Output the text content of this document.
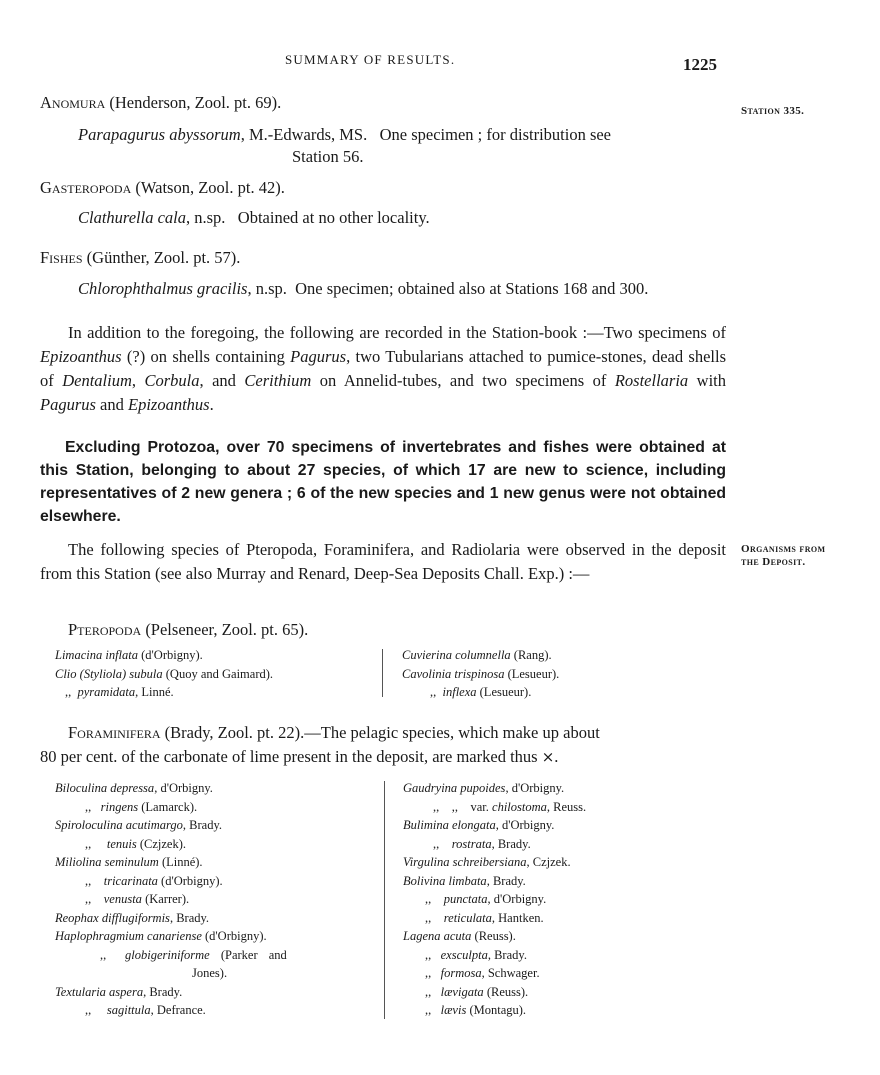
SUMMARY OF RESULTS.	1225
Station 335.
Organisms from
the Deposit.
Anomura (Henderson, Zool. pt. 69).
Parapagurus abyssorum, M.-Edwards, MS.   One specimen ; for distribution see
Station 56.
Gasteropoda (Watson, Zool. pt. 42).
Clathurella cala, n.sp.   Obtained at no other locality.
Fishes (Günther, Zool. pt. 57).
Chlorophthalmus gracilis, n.sp.  One specimen; obtained also at Stations 168 and 300.
In addition to the foregoing, the following are recorded in the Station-book :—Two specimens of Epizoanthus (?) on shells containing Pagurus, two Tubularians attached to pumice-stones, dead shells of Dentalium, Corbula, and Cerithium on Annelid-tubes, and two specimens of Rostellaria with Pagurus and Epizoanthus.
Excluding Protozoa, over 70 specimens of invertebrates and fishes were obtained at this Station, belonging to about 27 species, of which 17 are new to science, including representatives of 2 new genera ; 6 of the new species and 1 new genus were not obtained elsewhere.
The following species of Pteropoda, Foraminifera, and Radiolaria were observed in the deposit from this Station (see also Murray and Renard, Deep-Sea Deposits Chall. Exp.) :—
Pteropoda (Pelseneer, Zool. pt. 65).
Limacina inflata (d'Orbigny).
Clio (Styliola) subula (Quoy and Gaimard).
,, pyramidata, Linné.
Cuvierina columnella (Rang).
Cavolinia trispinosa (Lesueur).
,, inflexa (Lesueur).
Foraminifera (Brady, Zool. pt. 22).—The pelagic species, which make up about
80 per cent. of the carbonate of lime present in the deposit, are marked thus ×.
Biloculina depressa, d'Orbigny.
,, ringens (Lamarck).
Spiroloculina acutimargo, Brady.
,, tenuis (Czjzek).
Miliolina seminulum (Linné).
,, tricarinata (d'Orbigny).
,, venusta (Karrer).
Reophax difflugiformis, Brady.
Haplophragmium canariense (d'Orbigny).
,, globigeriniforme (Parker and
Jones).
Textularia aspera, Brady.
,, sagittula, Defrance.
Gaudryina pupoides, d'Orbigny.
,,    ,, var. chilostoma, Reuss.
Bulimina elongata, d'Orbigny.
,, rostrata, Brady.
Virgulina schreibersiana, Czjzek.
Bolivina limbata, Brady.
,, punctata, d'Orbigny.
,, reticulata, Hantken.
Lagena acuta (Reuss).
,, exsculpta, Brady.
,, formosa, Schwager.
,, lævigata (Reuss).
,, lævis (Montagu).
